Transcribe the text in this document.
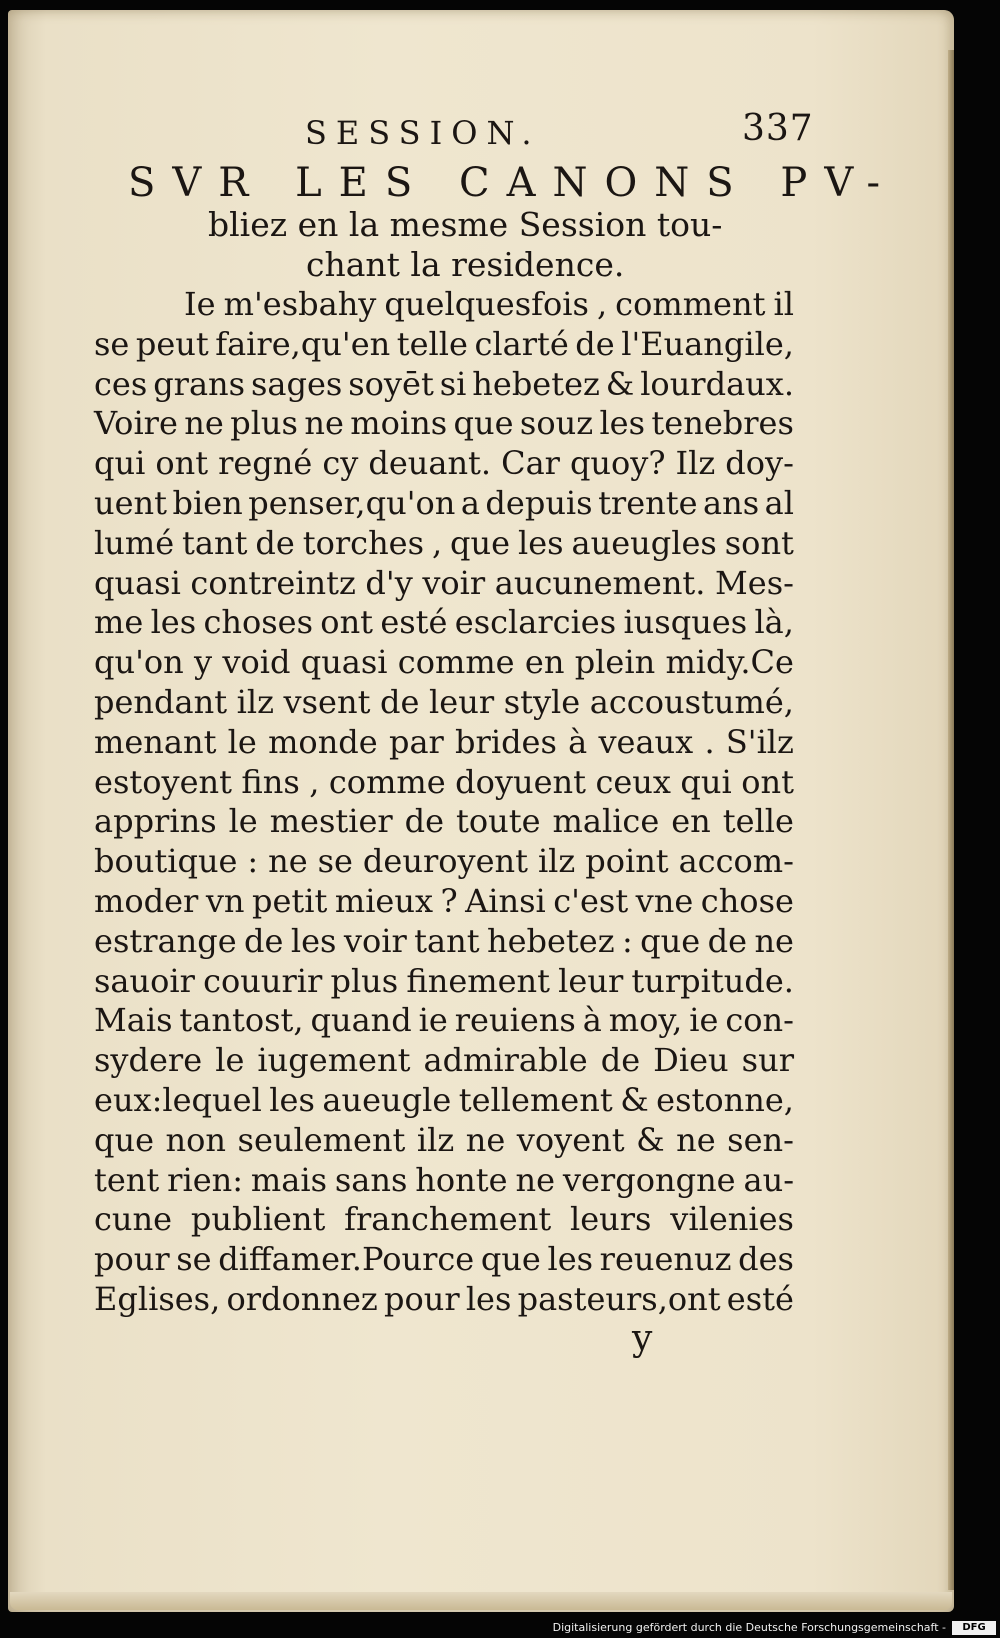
SESSION.	337
SVR LES CANONS PV-
bliez en la mesme Session tou-
chant la residence.
Ie m'esbahy quelquesfois , comment il
se peut faire,qu'en telle clarté de l'Euangile,
ces grans sages soyēt si hebetez & lourdaux.
Voire ne plus ne moins que souz les tenebres
qui ont regné cy deuant. Car quoy? Ilz doy-
uent bien penser,qu'on a depuis trente ans al
lumé tant de torches , que les aueugles sont
quasi contreintz d'y voir aucunement. Mes-
me les choses ont esté esclarcies iusques là,
qu'on y void quasi comme en plein midy.Ce
pendant ilz vsent de leur style accoustumé,
menant le monde par brides à veaux . S'ilz
estoyent fins , comme doyuent ceux qui ont
apprins le mestier de toute malice en telle
boutique : ne se deuroyent ilz point accom-
moder vn petit mieux ? Ainsi c'est vne chose
estrange de les voir tant hebetez : que de ne
sauoir couurir plus finement leur turpitude.
Mais tantost, quand ie reuiens à moy, ie con-
sydere le iugement admirable de Dieu sur
eux:lequel les aueugle tellement & estonne,
que non seulement ilz ne voyent & ne sen-
tent rien: mais sans honte ne vergongne au-
cune publient franchement leurs vilenies
pour se diffamer.Pource que les reuenuz des
Eglises, ordonnez pour les pasteurs,ont esté
y
Digitalisierung gefördert durch die Deutsche Forschungsgemeinschaft -	DFG
